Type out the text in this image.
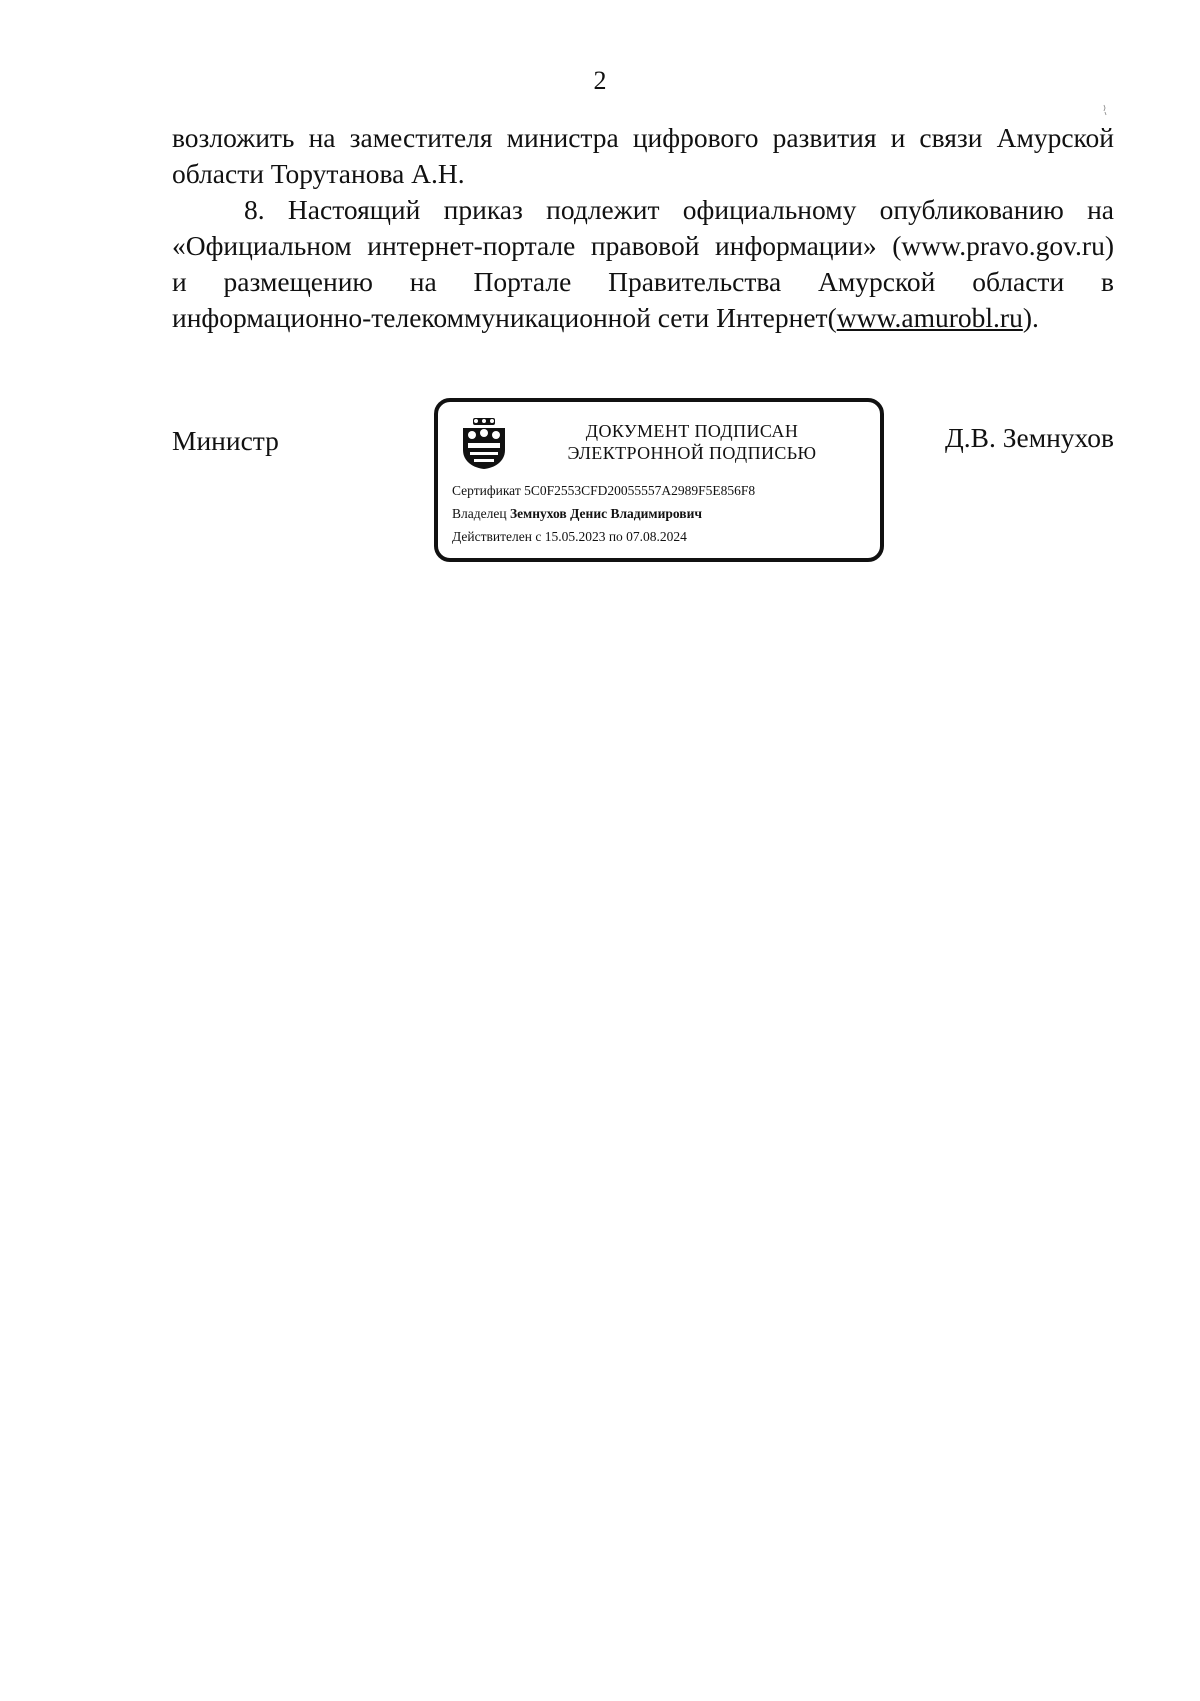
2

возложить на заместителя министра цифрового развития и связи Амурской области Торутанова А.Н.

8. Настоящий приказ подлежит официальному опубликованию на

«Официальном интернет-портале правовой информации» (www.pravo.gov.ru)

и размещению на Портале Правительства Амурской области в

информационно-телекоммуникационной сети Интернет(www.amurobl.ru).

Министр	Д.В. Земнухов
ДОКУМЕНТ ПОДПИСАН
ЭЛЕКТРОННОЙ ПОДПИСЬЮ
Сертификат 5C0F2553CFD20055557A2989F5E856F8
Владелец Земнухов Денис Владимирович
Действителен с 15.05.2023 по 07.08.2024
